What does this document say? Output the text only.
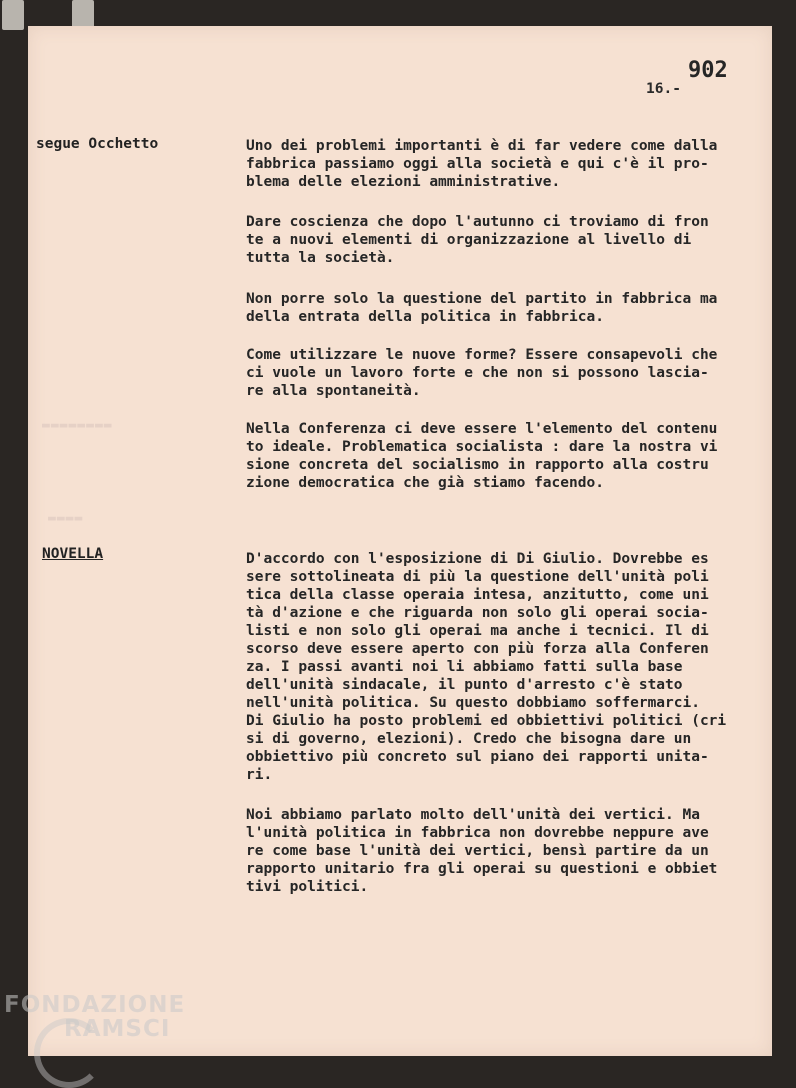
▬▬▬▬▬▬▬▬
▬▬▬▬
902
16.-
segue Occhetto	Uno dei problemi importanti è di far vedere come dalla
fabbrica passiamo oggi alla società e qui c'è il pro-
blema delle elezioni amministrative.
Dare coscienza che dopo l'autunno ci troviamo di fron
te a nuovi elementi di organizzazione al livello di
tutta la società.
Non porre solo la questione del partito in fabbrica ma
della entrata della politica in fabbrica.
Come utilizzare le nuove forme? Essere consapevoli che
ci vuole un lavoro forte e che non si possono lascia-
re alla spontaneità.
Nella Conferenza ci deve essere l'elemento del contenu
to ideale. Problematica socialista : dare la nostra vi
sione concreta del socialismo in rapporto alla costru
zione democratica che già stiamo facendo.
NOVELLA	D'accordo con l'esposizione di Di Giulio. Dovrebbe es
sere sottolineata di più la questione dell'unità poli
tica della classe operaia intesa, anzitutto, come uni
tà d'azione e che riguarda non solo gli operai socia-
listi e non solo gli operai ma anche i tecnici. Il di
scorso deve essere aperto con più forza alla Conferen
za. I passi avanti noi li abbiamo fatti sulla base
dell'unità sindacale, il punto d'arresto c'è stato
nell'unità politica. Su questo dobbiamo soffermarci.
Di Giulio ha posto problemi ed obbiettivi politici (cri
si di governo, elezioni). Credo che bisogna dare un
obbiettivo più concreto sul piano dei rapporti unita-
ri.
Noi abbiamo parlato molto dell'unità dei vertici. Ma
l'unità politica in fabbrica non dovrebbe neppure ave
re come base l'unità dei vertici, bensì partire da un
rapporto unitario fra gli operai su questioni e obbiet
tivi politici.
FONDAZIONE
RAMSCI
